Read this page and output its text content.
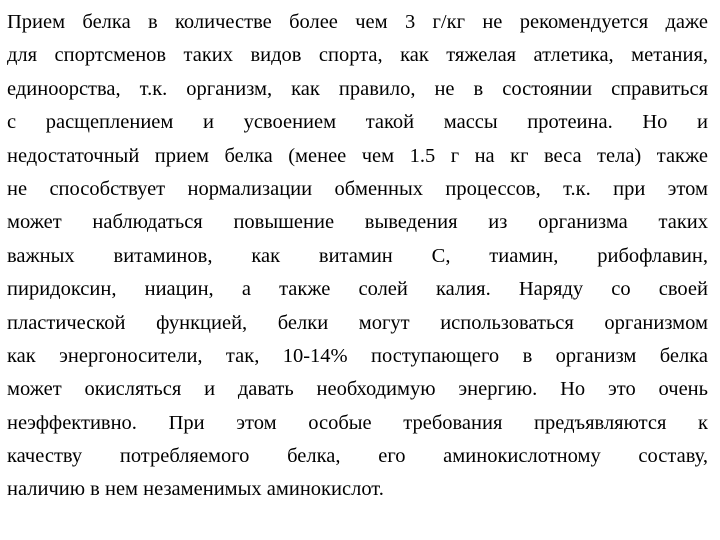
Прием белка в количестве более чем 3 г/кг не рекомендуется даже
для спортсменов таких видов спорта, как тяжелая атлетика, метания,
единоорства, т.к. организм, как правило, не в состоянии справиться
с расщеплением и усвоением такой массы протеина. Но и
недостаточный прием белка (менее чем 1.5 г на кг веса тела) также
не способствует нормализации обменных процессов, т.к. при этом
может наблюдаться повышение выведения из организма таких
важных витаминов, как витамин С, тиамин, рибофлавин,
пиридоксин, ниацин, а также солей калия. Наряду со своей
пластической функцией, белки могут использоваться организмом
как энергоносители, так, 10-14% поступающего в организм белка
может окисляться и давать необходимую энергию. Но это очень
неэффективно. При этом особые требования предъявляются к
качеству потребляемого белка, его аминокислотному составу,
наличию в нем незаменимых аминокислот.
